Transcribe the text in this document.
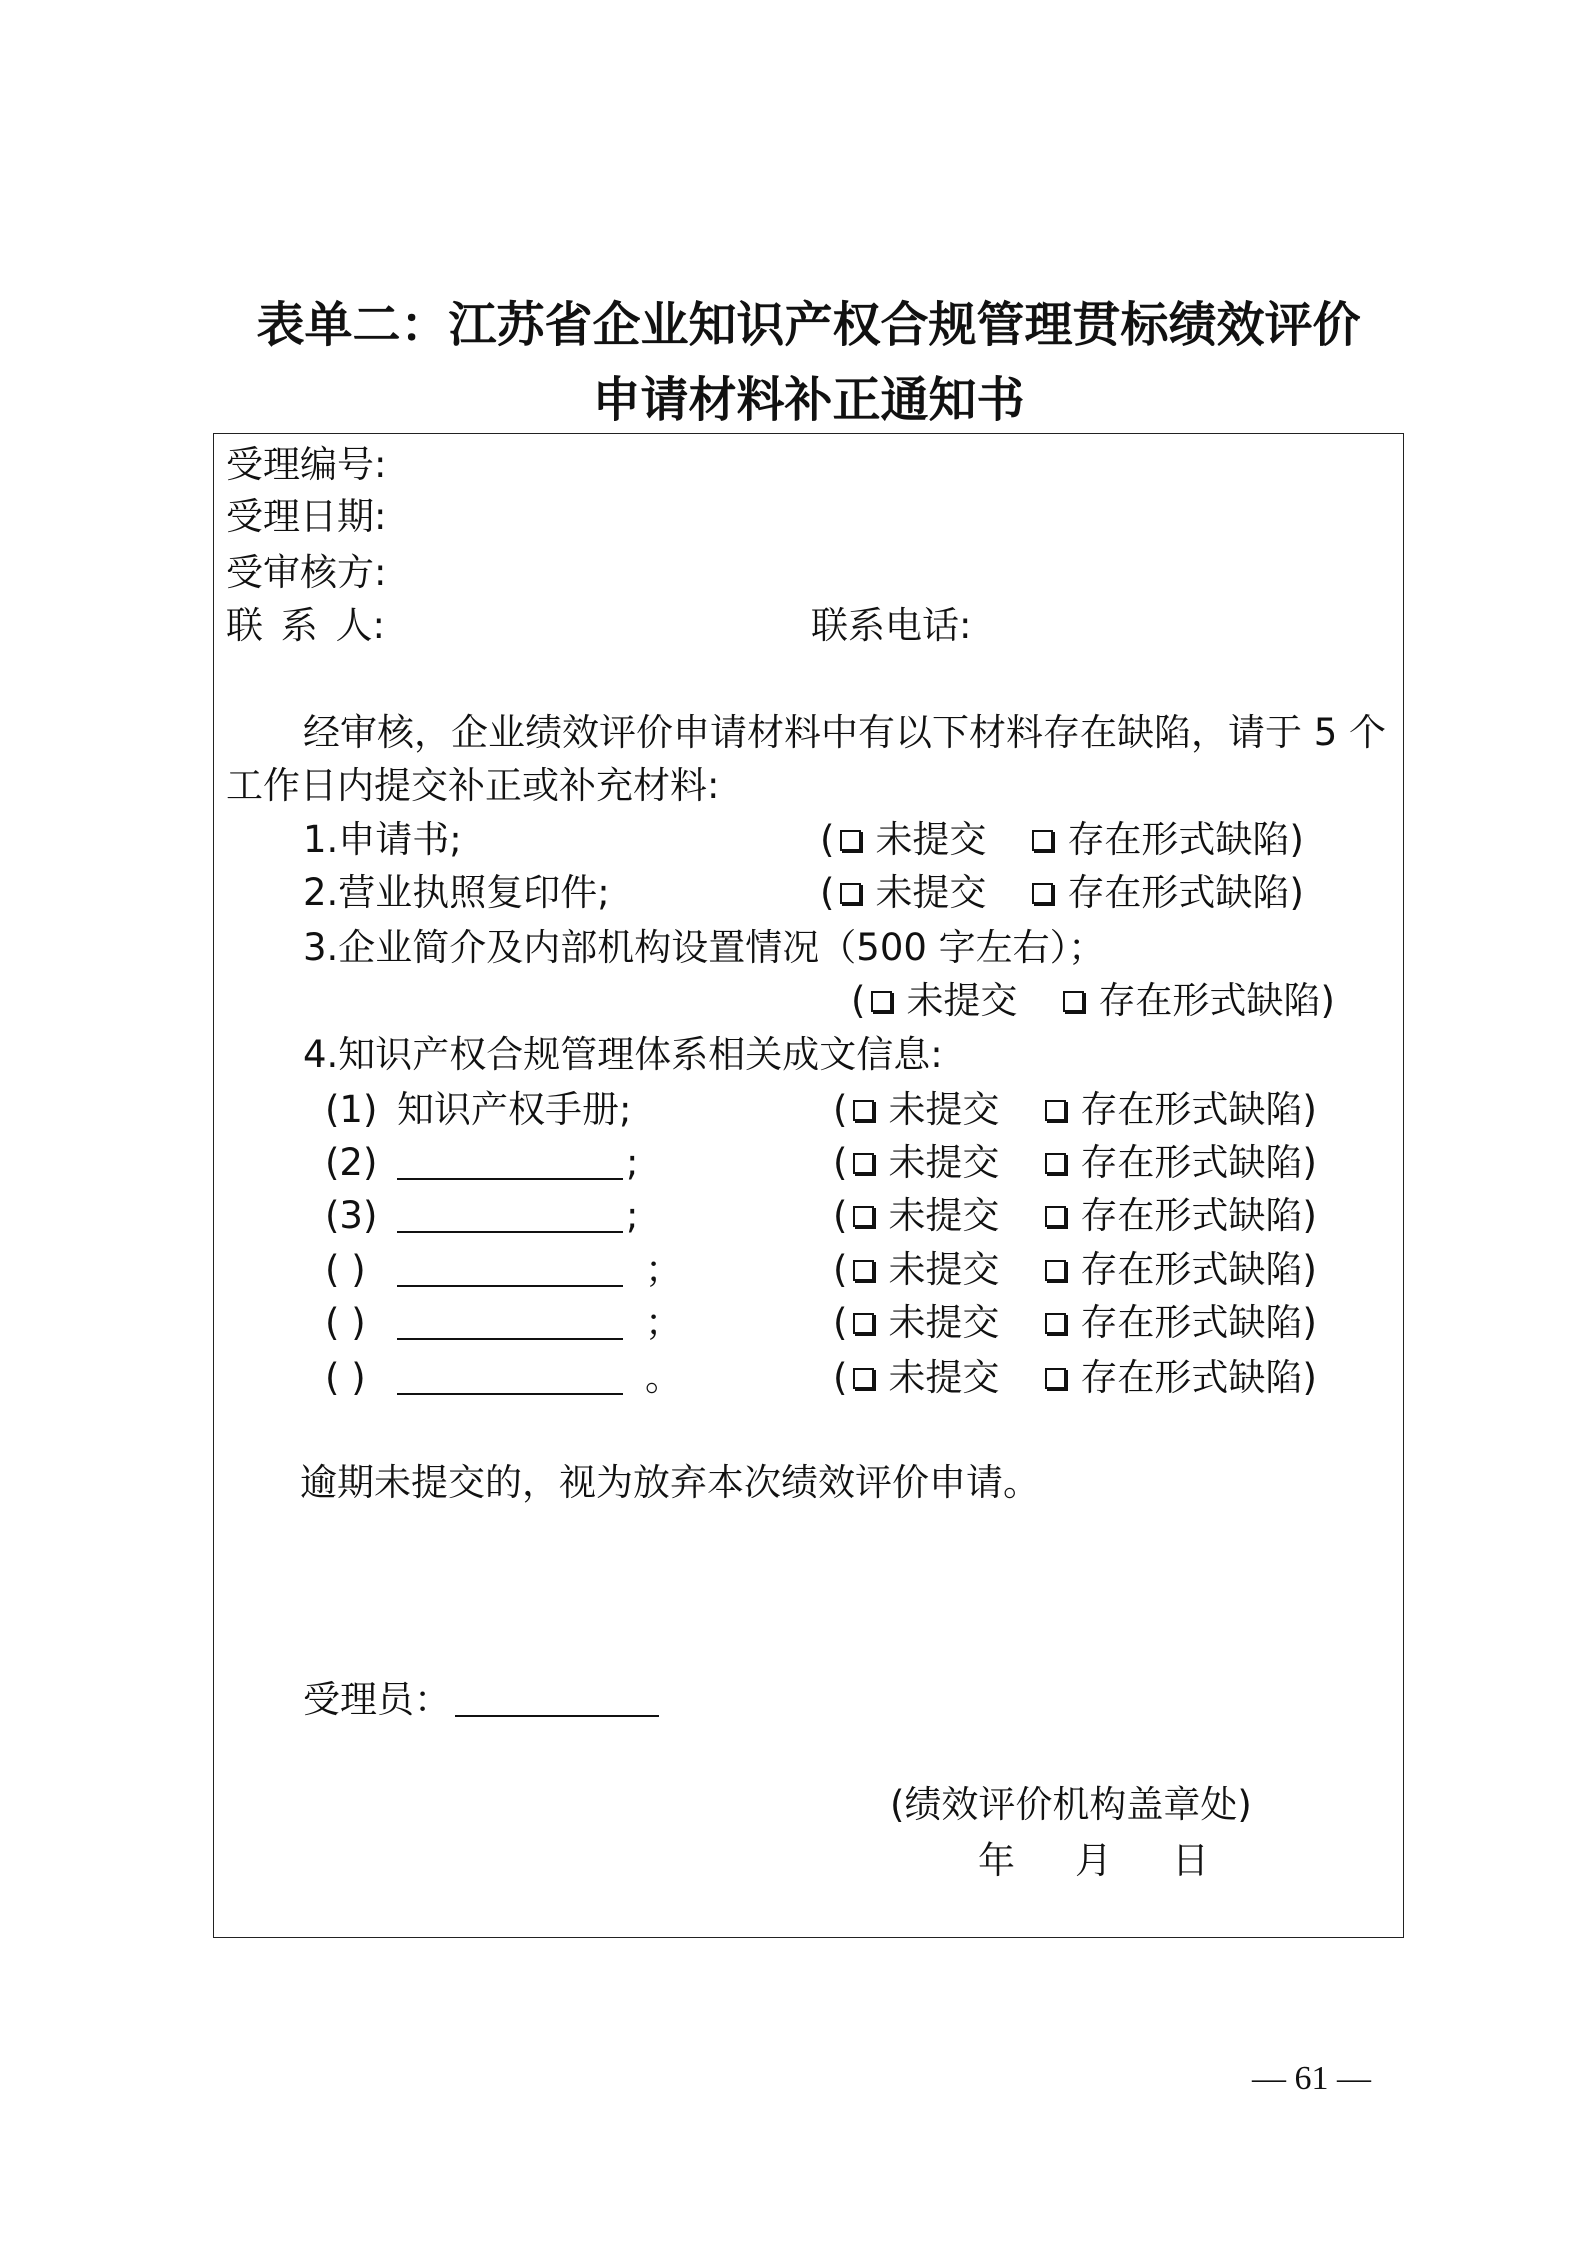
表单二：江苏省企业知识产权合规管理贯标绩效评价
申请材料补正通知书
受理编号:
受理日期:
受审核方:
联 系 人:	联系电话:
经审核，企业绩效评价申请材料中有以下材料存在缺陷，请于 5 个
工作日内提交补正或补充材料:
1.申请书;	( 未提交 存在形式缺陷 )
2.营业执照复印件;	( 未提交 存在形式缺陷 )
3.企业简介及内部机构设置情况（500 字左右）；
( 未提交 存在形式缺陷 )
4.知识产权合规管理体系相关成文信息:
(1) 知识产权手册;	( 未提交 存在形式缺陷 )
(2)	;	( 未提交 存在形式缺陷 )
(3)	;	( 未提交 存在形式缺陷 )
( )	；	( 未提交 存在形式缺陷 )
( )	；	( 未提交 存在形式缺陷 )
( )	。	( 未提交 存在形式缺陷 )
逾期未提交的，视为放弃本次绩效评价申请。
受理员：
(绩效评价机构盖章处)
年 月 日
— 61 —
